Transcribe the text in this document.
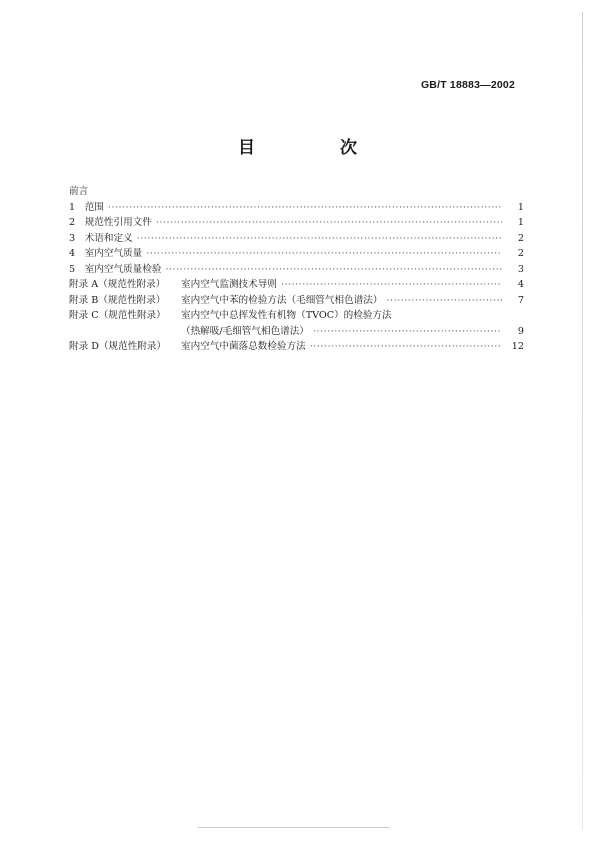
GB/T 18883—2002
目　次
前言
1　范围 ·····	1
2　规范性引用文件 ·····	1
3　术语和定义 ·····	2
4　室内空气质量 ·····	2
5　室内空气质量检验 ·····	3
附录 A（规范性附录）	室内空气监测技术导则 ·····	4
附录 B（规范性附录）	室内空气中苯的检验方法（毛细管气相色谱法） ·····	7
附录 C（规范性附录）	室内空气中总挥发性有机物（TVOC）的检验方法
（热解吸/毛细管气相色谱法） ·····	9
附录 D（规范性附录）	室内空气中菌落总数检验方法 ·····	12
